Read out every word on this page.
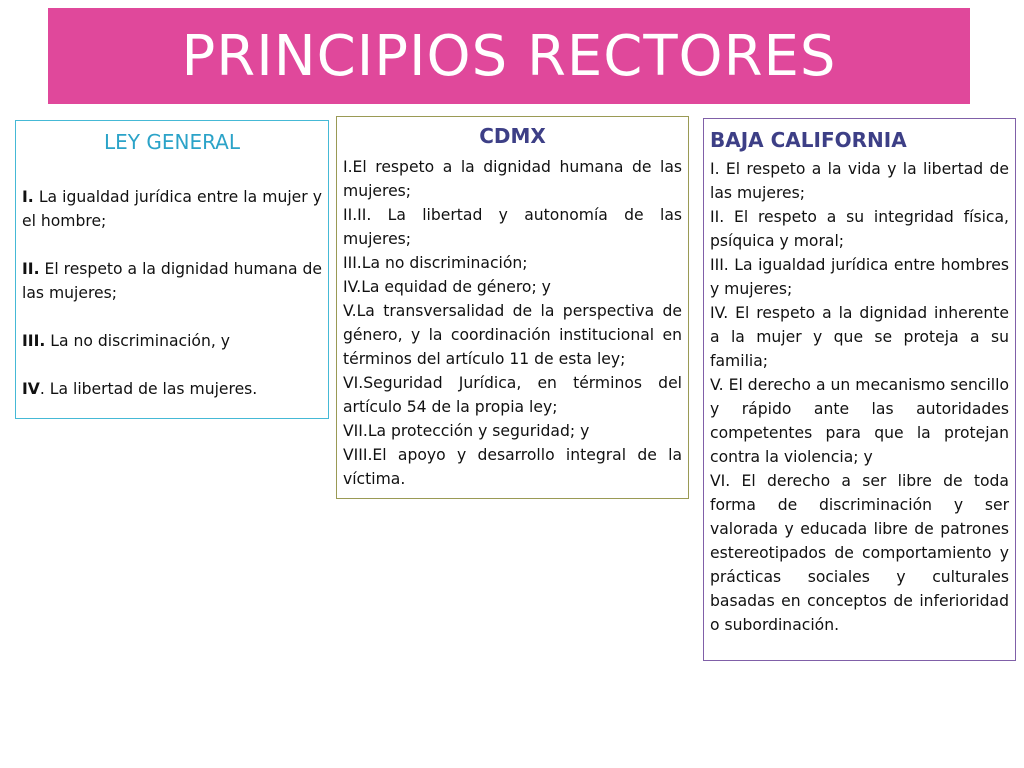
PRINCIPIOS RECTORES
LEY GENERAL

I. La igualdad jurídica entre la mujer y el hombre;

II. El respeto a la dignidad humana de las mujeres;

III. La no discriminación, y

IV. La libertad de las mujeres.

CDMX

I.El respeto a la dignidad humana de las mujeres;

II.II. La libertad y autonomía de las mujeres;

III.La no discriminación;

IV.La equidad de género; y

V.La transversalidad de la perspectiva de género, y la coordinación institucional en términos del artículo 11 de esta ley;

VI.Seguridad Jurídica, en términos del artículo 54 de la propia ley;

VII.La protección y seguridad; y

VIII.El apoyo y desarrollo integral de la víctima.

BAJA CALIFORNIA

I. El respeto a la vida y la libertad de las mujeres;

II. El respeto a su integridad física, psíquica y moral;

III. La igualdad jurídica entre hombres y mujeres;

IV. El respeto a la dignidad inherente a la mujer y que se proteja a su familia;

V. El derecho a un mecanismo sencillo y rápido ante las autoridades competentes para que la protejan contra la violencia; y

VI. El derecho a ser libre de toda forma de discriminación y ser valorada y educada libre de patrones estereotipados de comportamiento y prácticas sociales y culturales basadas en conceptos de inferioridad o subordinación.
